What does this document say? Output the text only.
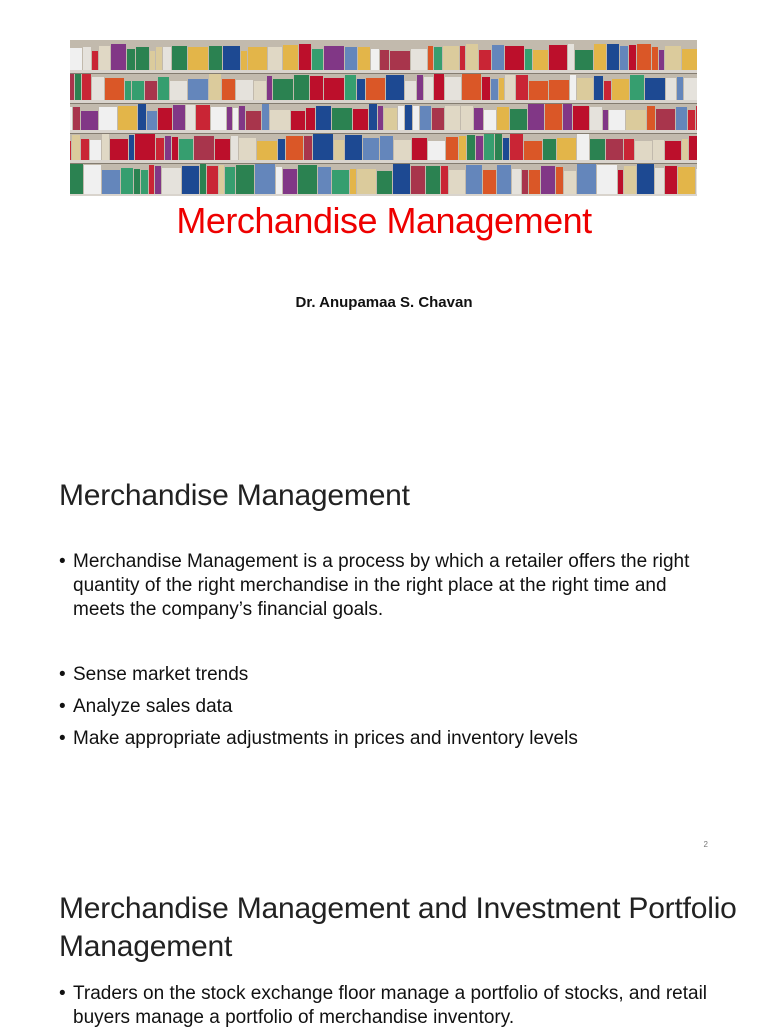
Merchandise Management
Dr. Anupamaa S. Chavan
Merchandise Management
• Merchandise Management is a process by which a retailer offers the right quantity of the right merchandise in the right place at the right time and meets the company’s financial goals.
• Sense market trends
• Analyze sales data
• Make appropriate adjustments in prices and inventory levels
2
Merchandise Management and Investment Portfolio Management
• Traders on the stock exchange floor manage a portfolio of stocks, and retail buyers manage a portfolio of merchandise inventory.
